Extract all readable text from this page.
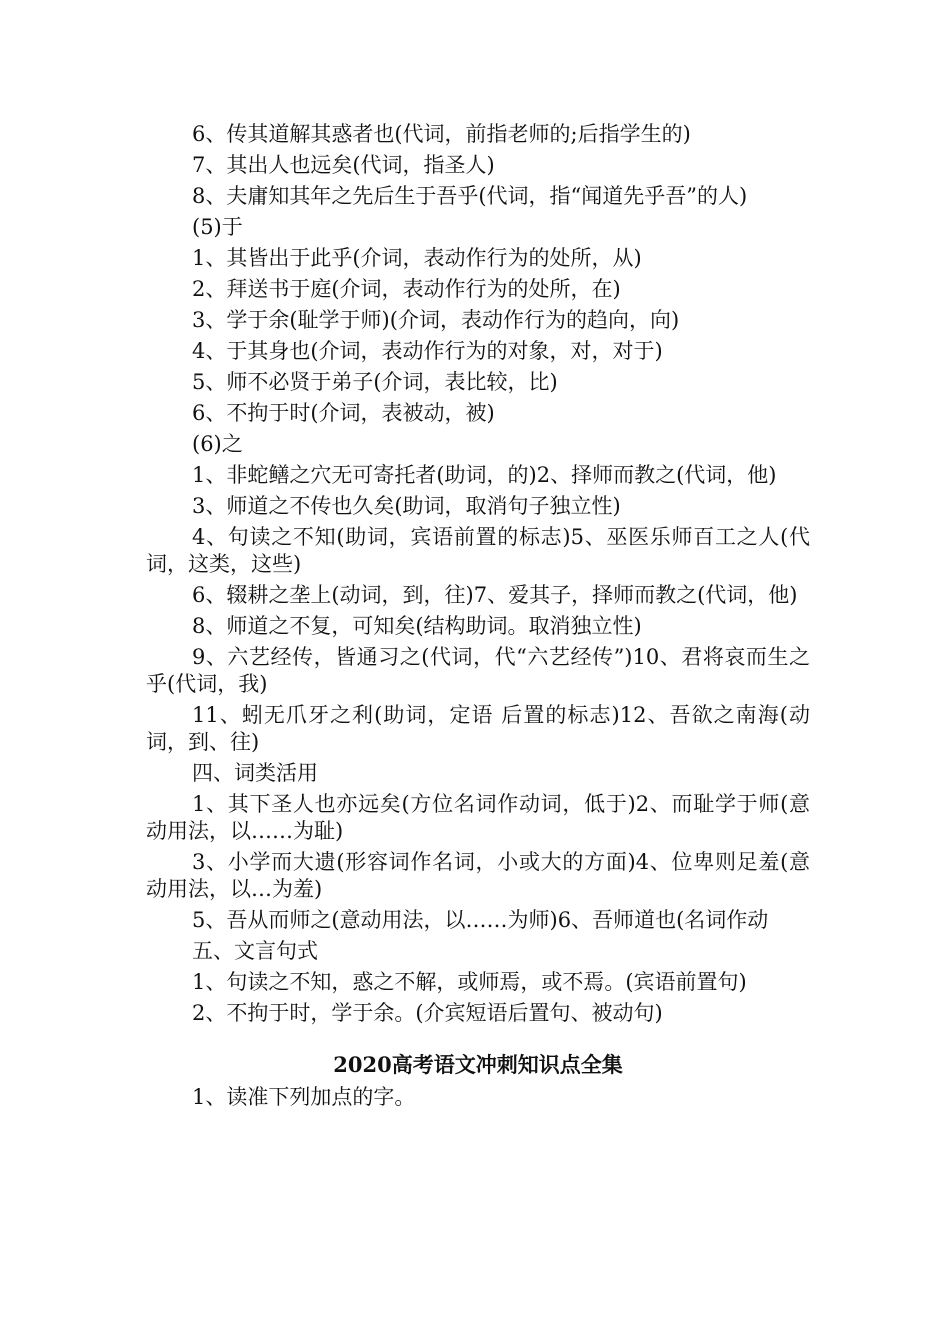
6、传其道解其惑者也(代词，前指老师的;后指学生的)

7、其出人也远矣(代词，指圣人)

8、夫庸知其年之先后生于吾乎(代词，指“闻道先乎吾”的人)

(5)于

1、其皆出于此乎(介词，表动作行为的处所，从)

2、拜送书于庭(介词，表动作行为的处所，在)

3、学于余(耻学于师)(介词，表动作行为的趋向，向)

4、于其身也(介词，表动作行为的对象，对，对于)

5、师不必贤于弟子(介词，表比较，比)

6、不拘于时(介词，表被动，被)

(6)之

1、非蛇鳝之穴无可寄托者(助词，的)2、择师而教之(代词，他)

3、师道之不传也久矣(助词，取消句子独立性)

4、句读之不知(助词，宾语前置的标志)5、巫医乐师百工之人(代词，这类，这些)

6、辍耕之垄上(动词，到，往)7、爱其子，择师而教之(代词，他)

8、师道之不复，可知矣(结构助词。取消独立性)

9、六艺经传，皆通习之(代词，代“六艺经传”)10、君将哀而生之乎(代词，我)

11、蚓无爪牙之利(助词，定语 后置的标志)12、吾欲之南海(动词，到、往)

四、词类活用

1、其下圣人也亦远矣(方位名词作动词，低于)2、而耻学于师(意动用法，以……为耻)

3、小学而大遗(形容词作名词，小或大的方面)4、位卑则足羞(意动用法，以…为羞)

5、吾从而师之(意动用法，以……为师)6、吾师道也(名词作动

五、文言句式

1、句读之不知，惑之不解，或师焉，或不焉。(宾语前置句)

2、不拘于时，学于余。(介宾短语后置句、被动句)

2020高考语文冲刺知识点全集

1、读准下列加点的字。
